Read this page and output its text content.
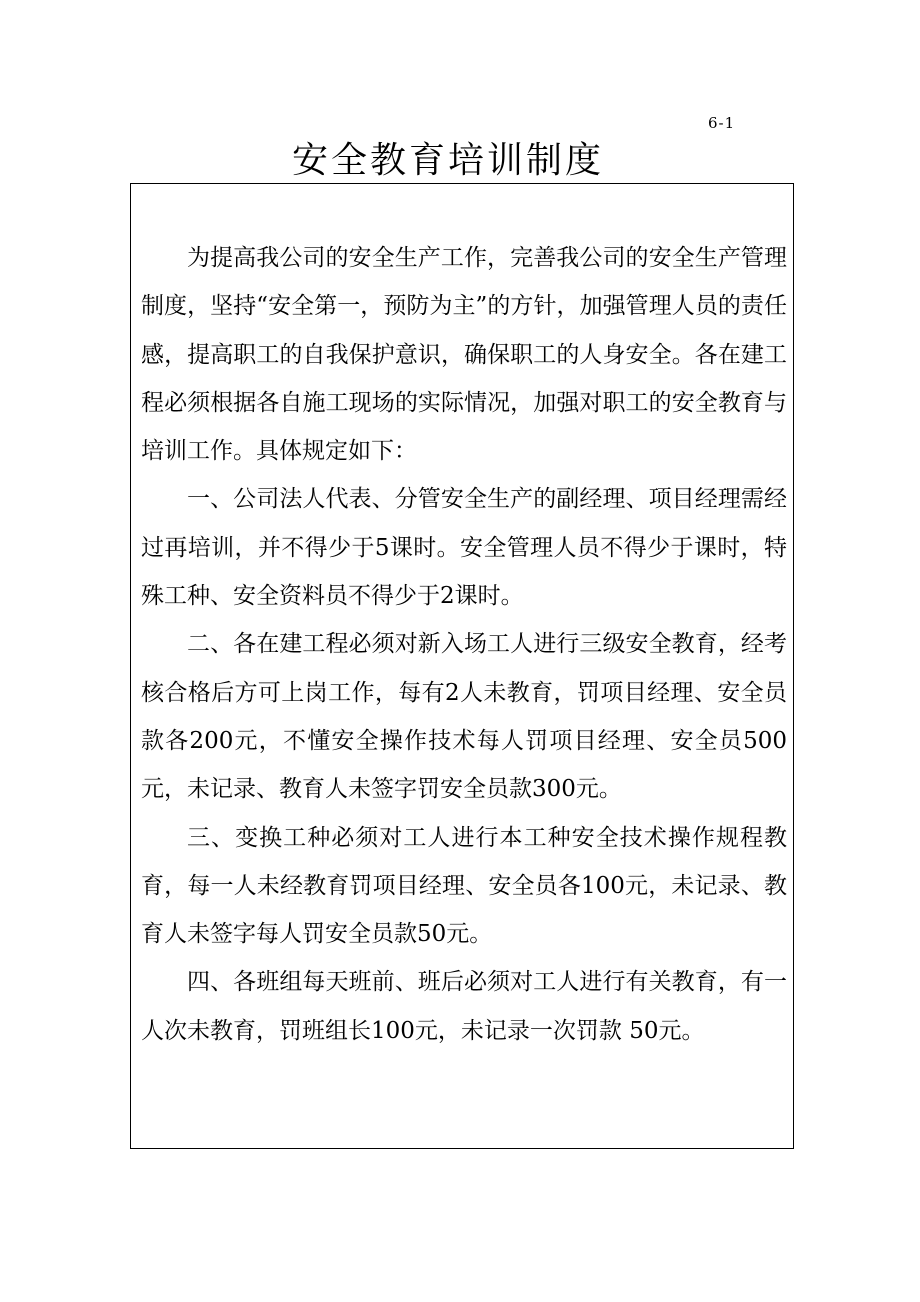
6-1
安全教育培训制度

为提高我公司的安全生产工作，完善我公司的安全生产管理制度，坚持“安全第一，预防为主”的方针，加强管理人员的责任感，提高职工的自我保护意识，确保职工的人身安全。各在建工程必须根据各自施工现场的实际情况，加强对职工的安全教育与培训工作。具体规定如下：

一、公司法人代表、分管安全生产的副经理、项目经理需经过再培训，并不得少于5课时。安全管理人员不得少于课时，特殊工种、安全资料员不得少于2课时。

二、各在建工程必须对新入场工人进行三级安全教育，经考核合格后方可上岗工作，每有2人未教育，罚项目经理、安全员款各200元，不懂安全操作技术每人罚项目经理、安全员500元，未记录、教育人未签字罚安全员款300元。

三、变换工种必须对工人进行本工种安全技术操作规程教育，每一人未经教育罚项目经理、安全员各100元，未记录、教育人未签字每人罚安全员款50元。

四、各班组每天班前、班后必须对工人进行有关教育，有一人次未教育，罚班组长100元，未记录一次罚款 50元。
